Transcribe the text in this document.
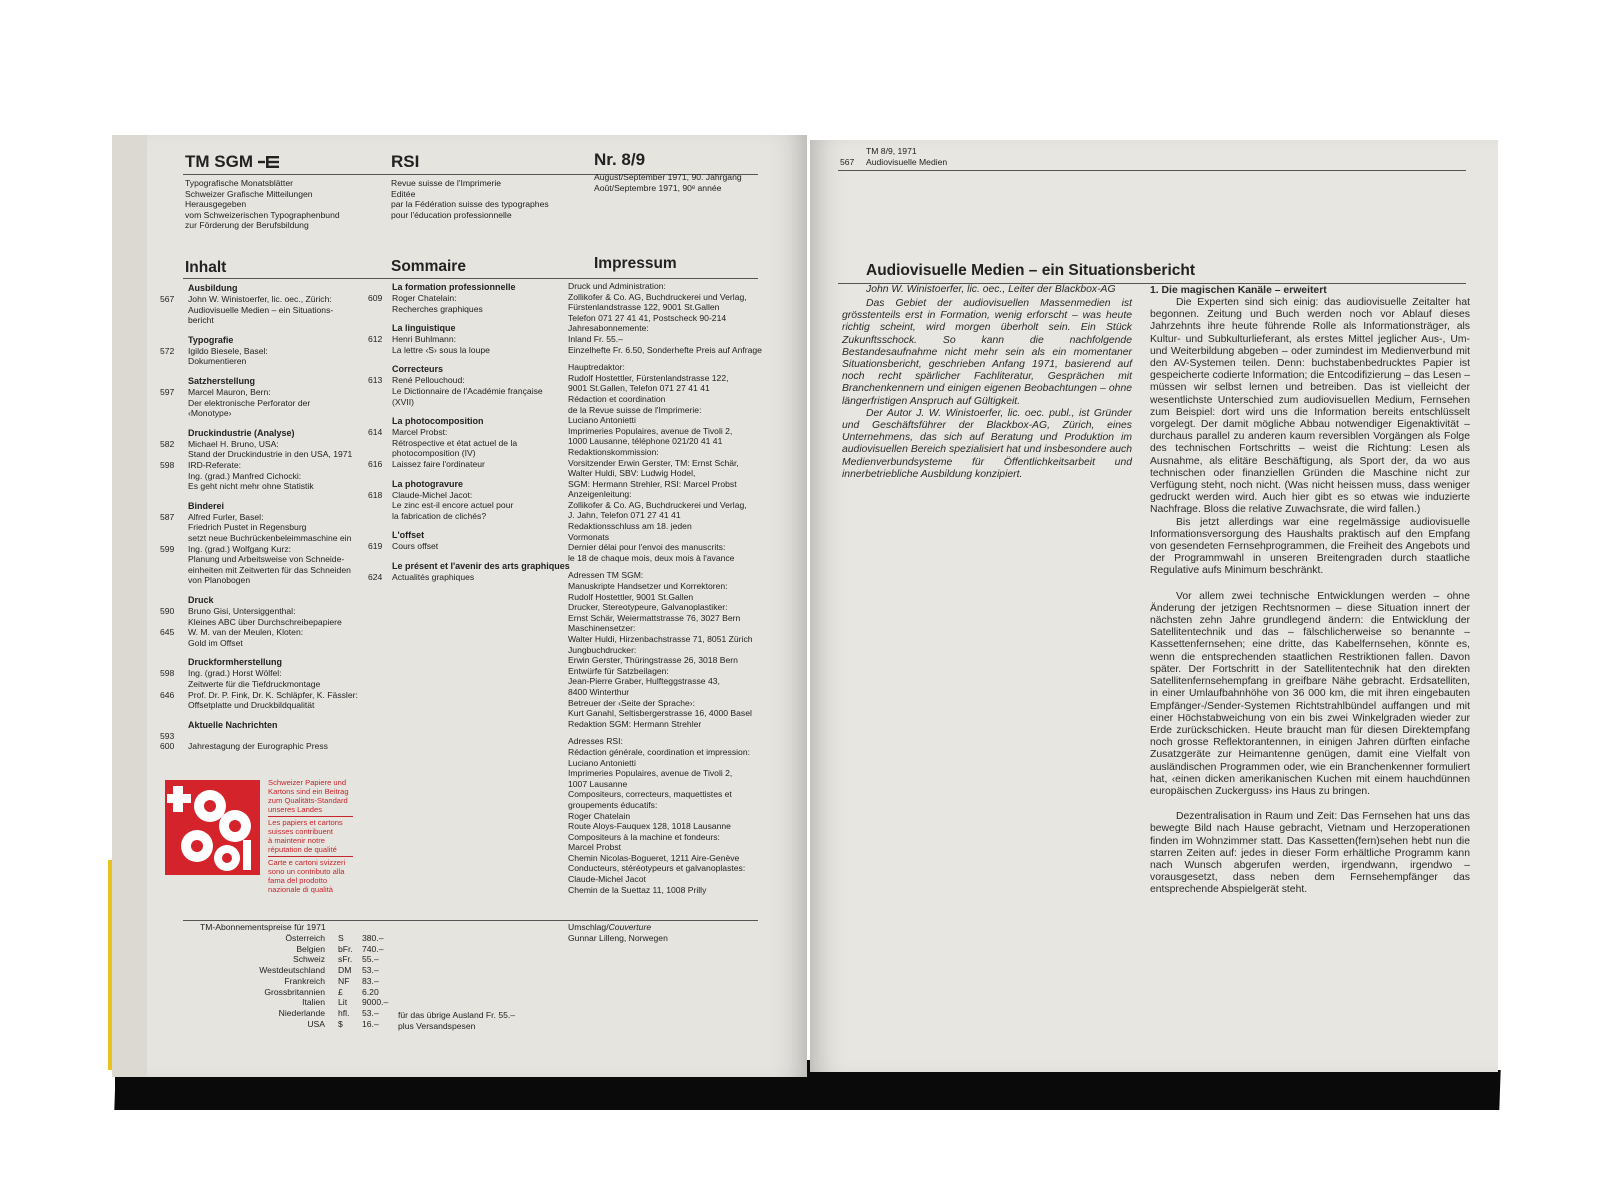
TM SGM	RSI	Nr. 8/9
Typografische Monatsblätter
Schweizer Grafische Mitteilungen
Herausgegeben
vom Schweizerischen Typographenbund
zur Förderung der Berufsbildung
Revue suisse de l'Imprimerie
Editée
par la Fédération suisse des typographes
pour l'éducation professionnelle
August/September 1971, 90. Jahrgang
Août/Septembre 1971, 90ᵉ année
Inhalt	Sommaire	Impressum
Ausbildung
567 John W. Winistoerfer, lic. oec., Zürich:
Audiovisuelle Medien – ein Situations-
bericht
Typografie
572 Igildo Biesele, Basel:
Dokumentieren
Satzherstellung
597 Marcel Mauron, Bern:
Der elektronische Perforator der
‹Monotype›
Druckindustrie (Analyse)
582 Michael H. Bruno, USA:
Stand der Druckindustrie in den USA, 1971
598 IRD-Referate:
Ing. (grad.) Manfred Cichocki:
Es geht nicht mehr ohne Statistik
Binderei
587 Alfred Furler, Basel:
Friedrich Pustet in Regensburg
setzt neue Buchrückenbeleimmaschine ein
599 Ing. (grad.) Wolfgang Kurz:
Planung und Arbeitsweise von Schneide-
einheiten mit Zeitwerten für das Schneiden
von Planobogen
Druck
590 Bruno Gisi, Untersiggenthal:
Kleines ABC über Durchschreibepapiere
645 W. M. van der Meulen, Kloten:
Gold im Offset
Druckformherstellung
598 Ing. (grad.) Horst Wölfel:
Zeitwerte für die Tiefdruckmontage
646 Prof. Dr. P. Fink, Dr. K. Schläpfer, K. Fässler:
Offsetplatte und Druckbildqualität
Aktuelle Nachrichten
593
600 Jahrestagung der Eurographic Press
La formation professionnelle
609 Roger Chatelain:
Recherches graphiques
La linguistique
612 Henri Buhlmann:
La lettre ‹S› sous la loupe
Correcteurs
613 René Pellouchoud:
Le Dictionnaire de l'Académie française
(XVII)
La photocomposition
614 Marcel Probst:
Rétrospective et état actuel de la
photocomposition (IV)
616 Laissez faire l'ordinateur
La photogravure
618 Claude-Michel Jacot:
Le zinc est-il encore actuel pour
la fabrication de clichés?
L'offset
619 Cours offset
Le présent et l'avenir des arts graphiques
624 Actualités graphiques
Druck und Administration:
Zollikofer & Co. AG, Buchdruckerei und Verlag,
Fürstenlandstrasse 122, 9001 St.Gallen
Telefon 071 27 41 41, Postscheck 90-214
Jahresabonnemente:
Inland Fr. 55.–
Einzelhefte Fr. 6.50, Sonderhefte Preis auf Anfrage
Hauptredaktor:
Rudolf Hostettler, Fürstenlandstrasse 122,
9001 St.Gallen, Telefon 071 27 41 41
Rédaction et coordination
de la Revue suisse de l'Imprimerie:
Luciano Antonietti
Imprimeries Populaires, avenue de Tivoli 2,
1000 Lausanne, téléphone 021/20 41 41
Redaktionskommission:
Vorsitzender Erwin Gerster, TM: Ernst Schär,
Walter Huldi, SBV: Ludwig Hodel,
SGM: Hermann Strehler, RSI: Marcel Probst
Anzeigenleitung:
Zollikofer & Co. AG, Buchdruckerei und Verlag,
J. Jahn, Telefon 071 27 41 41
Redaktionsschluss am 18. jeden
Vormonats
Dernier délai pour l'envoi des manuscrits:
le 18 de chaque mois, deux mois à l'avance
Adressen TM SGM:
Manuskripte Handsetzer und Korrektoren:
Rudolf Hostettler, 9001 St.Gallen
Drucker, Stereotypeure, Galvanoplastiker:
Ernst Schär, Weiermattstrasse 76, 3027 Bern
Maschinensetzer:
Walter Huldi, Hirzenbachstrasse 71, 8051 Zürich
Jungbuchdrucker:
Erwin Gerster, Thüringstrasse 26, 3018 Bern
Entwürfe für Satzbeilagen:
Jean-Pierre Graber, Hulfteggstrasse 43,
8400 Winterthur
Betreuer der ‹Seite der Sprache›:
Kurt Ganahl, Seltisbergerstrasse 16, 4000 Basel
Redaktion SGM: Hermann Strehler
Adresses RSI:
Rédaction générale, coordination et impression:
Luciano Antonietti
Imprimeries Populaires, avenue de Tivoli 2,
1007 Lausanne
Compositeurs, correcteurs, maquettistes et
groupements éducatifs:
Roger Chatelain
Route Aloys-Fauquex 128, 1018 Lausanne
Compositeurs à la machine et fondeurs:
Marcel Probst
Chemin Nicolas-Bogueret, 1211 Aire-Genève
Conducteurs, stéréotypeurs et galvanoplastes:
Claude-Michel Jacot
Chemin de la Suettaz 11, 1008 Prilly
Schweizer Papiere und
Kartons sind ein Beitrag
zum Qualitäts-Standard
unseres Landes
Les papiers et cartons
suisses contribuent
à maintenir notre
réputation de qualité
Carte e cartoni svizzeri
sono un contributo alla
fama del prodotto
nazionale di qualità
TM-Abonnementspreise für 1971
Österreich S 380.–
Belgien bFr. 740.–
Schweiz sFr. 55.–
Westdeutschland DM 53.–
Frankreich NF 83.–
Grossbritannien £ 6.20
Italien Lit 9000.–
Niederlande hfl. 53.–
USA $ 16.–
für das übrige Ausland Fr. 55.–
plus Versandspesen
Umschlag/Couverture
Gunnar Lilleng, Norwegen
TM 8/9, 1971
567 Audiovisuelle Medien
Audiovisuelle Medien – ein Situationsbericht
John W. Winistoerfer, lic. oec., Leiter der Blackbox-AG

Das Gebiet der audiovisuellen Massenmedien ist grösstenteils erst in Formation, wenig erforscht – was heute richtig scheint, wird morgen überholt sein. Ein Stück Zukunftsschock. So kann die nachfolgende Bestandesaufnahme nicht mehr sein als ein momentaner Situationsbericht, geschrieben Anfang 1971, basierend auf noch recht spärlicher Fachliteratur, Gesprächen mit Branchenkennern und einigen eigenen Beobachtungen – ohne längerfristigen Anspruch auf Gültigkeit.

Der Autor J. W. Winistoerfer, lic. oec. publ., ist Gründer und Geschäftsführer der Blackbox-AG, Zürich, eines Unternehmens, das sich auf Beratung und Produktion im audiovisuellen Bereich spezialisiert hat und insbesondere auch Medienverbundsysteme für Öffentlichkeitsarbeit und innerbetriebliche Ausbildung konzipiert.

1. Die magischen Kanäle – erweitert

Die Experten sind sich einig: das audiovisuelle Zeitalter hat begonnen. Zeitung und Buch werden noch vor Ablauf dieses Jahrzehnts ihre heute führende Rolle als Informationsträger, als Kultur- und Subkulturlieferant, als erstes Mittel jeglicher Aus-, Um- und Weiterbildung abgeben – oder zumindest im Medienverbund mit den AV-Systemen teilen. Denn: buchstabenbedrucktes Papier ist gespeicherte codierte Information; die Entcodifizierung – das Lesen – müssen wir selbst lernen und betreiben. Das ist vielleicht der wesentlichste Unterschied zum audiovisuellen Medium, Fernsehen zum Beispiel: dort wird uns die Information bereits entschlüsselt vorgelegt. Der damit mögliche Abbau notwendiger Eigenaktivität – durchaus parallel zu anderen kaum reversiblen Vorgängen als Folge des technischen Fortschritts – weist die Richtung: Lesen als Ausnahme, als elitäre Beschäftigung, als Sport der, da wo aus technischen oder finanziellen Gründen die Maschine nicht zur Verfügung steht, noch nicht. (Was nicht heissen muss, dass weniger gedruckt werden wird. Auch hier gibt es so etwas wie induzierte Nachfrage. Bloss die relative Zuwachsrate, die wird fallen.)

Bis jetzt allerdings war eine regelmässige audiovisuelle Informationsversorgung des Haushalts praktisch auf den Empfang von gesendeten Fernsehprogrammen, die Freiheit des Angebots und der Programmwahl in unseren Breitengraden durch staatliche Regulative aufs Minimum beschränkt.

Vor allem zwei technische Entwicklungen werden – ohne Änderung der jetzigen Rechtsnormen – diese Situation innert der nächsten zehn Jahre grundlegend ändern: die Entwicklung der Satellitentechnik und das – fälschlicherweise so benannte – Kassettenfernsehen; eine dritte, das Kabelfernsehen, könnte es, wenn die entsprechenden staatlichen Restriktionen fallen. Davon später. Der Fortschritt in der Satellitentechnik hat den direkten Satellitenfernsehempfang in greifbare Nähe gebracht. Erdsatelliten, in einer Umlaufbahnhöhe von 36 000 km, die mit ihren eingebauten Empfänger-/Sender-Systemen Richtstrahlbündel auffangen und mit einer Höchstabweichung von ein bis zwei Winkelgraden wieder zur Erde zurückschicken. Heute braucht man für diesen Direktempfang noch grosse Reflektorantennen, in einigen Jahren dürften einfache Zusatzgeräte zur Heimantenne genügen, damit eine Vielfalt von ausländischen Programmen oder, wie ein Branchenkenner formuliert hat, ‹einen dicken amerikanischen Kuchen mit einem hauchdünnen europäischen Zuckerguss› ins Haus zu bringen.

Dezentralisation in Raum und Zeit: Das Fernsehen hat uns das bewegte Bild nach Hause gebracht, Vietnam und Herzoperationen finden im Wohnzimmer statt. Das Kassetten(fern)sehen hebt nun die starren Zeiten auf: jedes in dieser Form erhältliche Programm kann nach Wunsch abgerufen werden, irgendwann, irgendwo – vorausgesetzt, dass neben dem Fernsehempfänger das entsprechende Abspielgerät steht.
